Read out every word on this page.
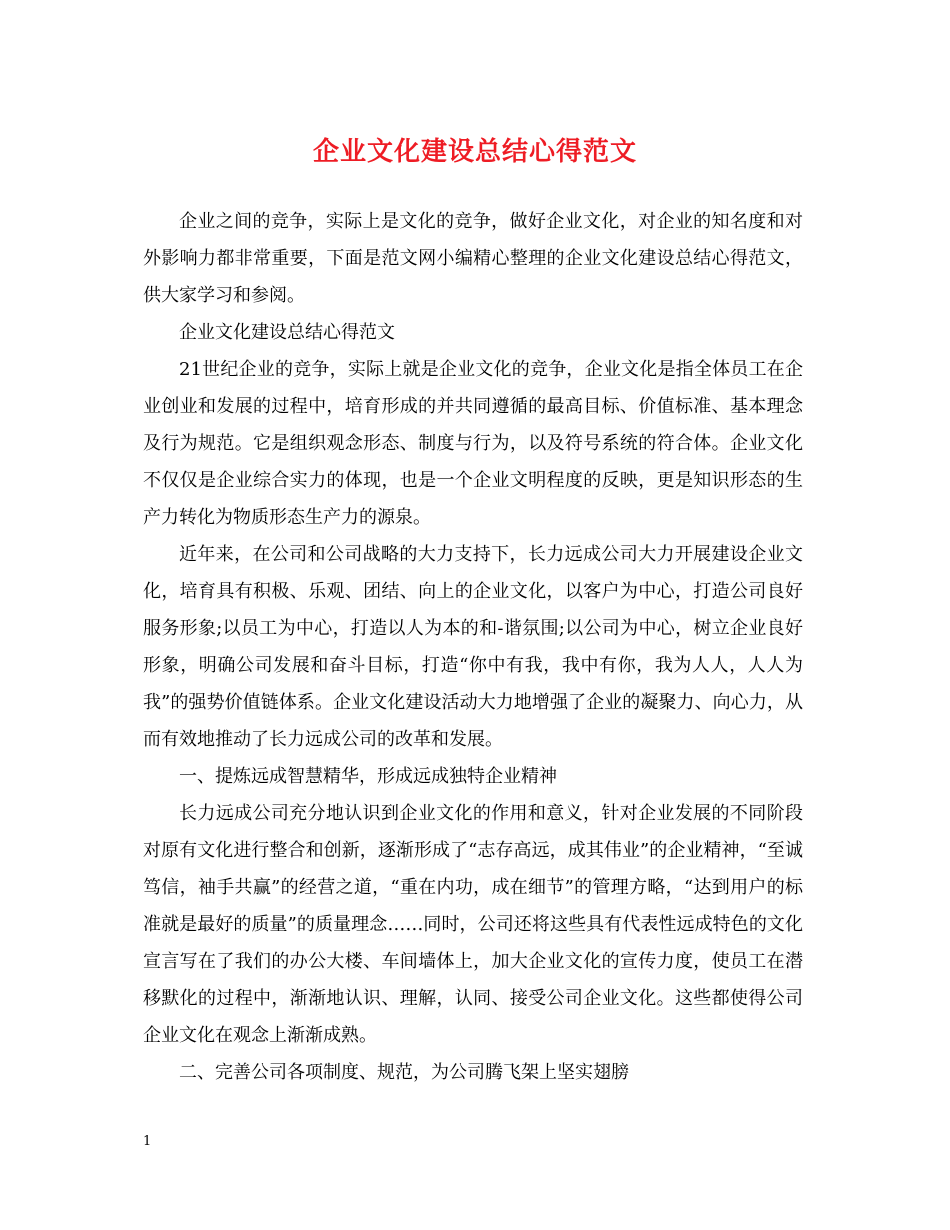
企业文化建设总结心得范文

企业之间的竞争，实际上是文化的竞争，做好企业文化，对企业的知名度和对外影响力都非常重要，下面是范文网小编精心整理的企业文化建设总结心得范文，供大家学习和参阅。

企业文化建设总结心得范文

21世纪企业的竞争，实际上就是企业文化的竞争，企业文化是指全体员工在企业创业和发展的过程中，培育形成的并共同遵循的最高目标、价值标准、基本理念及行为规范。它是组织观念形态、制度与行为，以及符号系统的符合体。企业文化不仅仅是企业综合实力的体现，也是一个企业文明程度的反映，更是知识形态的生产力转化为物质形态生产力的源泉。

近年来，在公司和公司战略的大力支持下，长力远成公司大力开展建设企业文化，培育具有积极、乐观、团结、向上的企业文化，以客户为中心，打造公司良好服务形象;以员工为中心，打造以人为本的和-谐氛围;以公司为中心，树立企业良好形象，明确公司发展和奋斗目标，打造“你中有我，我中有你，我为人人，人人为我”的强势价值链体系。企业文化建设活动大力地增强了企业的凝聚力、向心力，从而有效地推动了长力远成公司的改革和发展。

一、提炼远成智慧精华，形成远成独特企业精神

长力远成公司充分地认识到企业文化的作用和意义，针对企业发展的不同阶段对原有文化进行整合和创新，逐渐形成了“志存高远，成其伟业”的企业精神，“至诚笃信，袖手共赢”的经营之道，“重在内功，成在细节”的管理方略，“达到用户的标准就是最好的质量”的质量理念……同时，公司还将这些具有代表性远成特色的文化宣言写在了我们的办公大楼、车间墙体上，加大企业文化的宣传力度，使员工在潜移默化的过程中，渐渐地认识、理解，认同、接受公司企业文化。这些都使得公司企业文化在观念上渐渐成熟。

二、完善公司各项制度、规范，为公司腾飞架上坚实翅膀

1
